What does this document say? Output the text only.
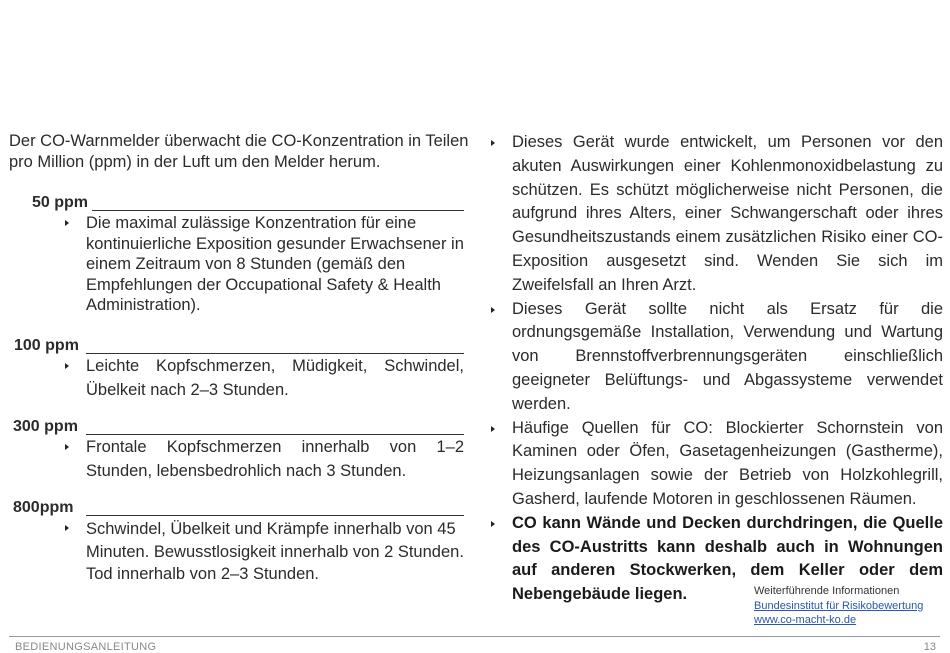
Der CO-Warnmelder überwacht die CO-Konzentration in Teilen pro Million (ppm) in der Luft um den Melder herum.
50 ppm
Die maximal zulässige Konzentration für eine kontinuierliche Exposition gesunder Erwachsener in einem Zeitraum von 8 Stunden (gemäß den Empfehlungen der Occupational Safety & Health Administration).
100 ppm
Leichte Kopfschmerzen, Müdigkeit, Schwindel, Übelkeit nach 2–3 Stunden.
300 ppm
Frontale Kopfschmerzen innerhalb von 1–2 Stunden, lebensbedrohlich nach 3 Stunden.
800ppm
Schwindel, Übelkeit und Krämpfe innerhalb von 45 Minuten. Bewusstlosigkeit innerhalb von 2 Stunden. Tod innerhalb von 2–3 Stunden.
Dieses Gerät wurde entwickelt, um Personen vor den akuten Auswirkungen einer Kohlenmonoxidbelastung zu schützen. Es schützt möglicherweise nicht Personen, die aufgrund ihres Alters, einer Schwangerschaft oder ihres Gesundheitszustands einem zusätzlichen Risiko einer CO-Exposition ausgesetzt sind. Wenden Sie sich im Zweifelsfall an Ihren Arzt.
Dieses Gerät sollte nicht als Ersatz für die ordnungsgemäße Installation, Verwendung und Wartung von Brennstoffverbrennungsgeräten einschließlich geeigneter Belüftungs- und Abgassysteme verwendet werden.
Häufige Quellen für CO: Blockierter Schornstein von Kaminen oder Öfen, Gasetagenheizungen (Gastherme), Heizungsanlagen sowie der Betrieb von Holzkohlegrill, Gasherd, laufende Motoren in geschlossenen Räumen.
CO kann Wände und Decken durchdringen, die Quelle des CO-Austritts kann deshalb auch in Wohnungen auf anderen Stockwerken, dem Keller oder dem Nebengebäude liegen.	Weiterführende Informationen
Bundesinstitut für Risikobewertung
www.co-macht-ko.de
BEDIENUNGSANLEITUNG	13
